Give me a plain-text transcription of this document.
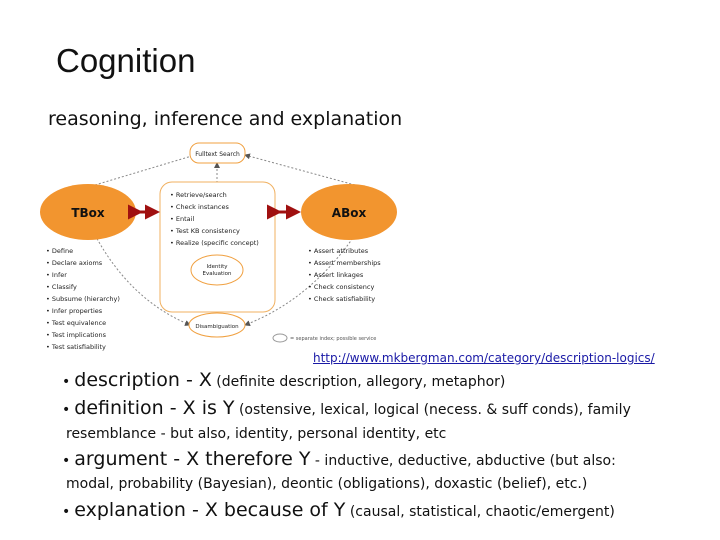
Cognition
reasoning, inference and explanation
Fulltext Search
TBox	ABox
• Retrieve/search
• Check instances
• Entail
• Test KB consistency
• Realize (specific concept)
Identity
Evaluation
Disambiguation
• Define
• Declare axioms
• Infer
• Classify
• Subsume (hierarchy)
• Infer properties
• Test equivalence
• Test implications
• Test satisfiability
• Assert attributes
• Assert memberships
• Assert linkages
• Check consistency
• Check satisfiability
= separate index; possible service
http://www.mkbergman.com/category/description-logics/
• description - X (definite description, allegory, metaphor)
• definition - X is Y (ostensive, lexical, logical (necess. & suff conds), family
resemblance - but also, identity, personal identity, etc
• argument - X therefore Y - inductive, deductive, abductive (but also:
modal, probability (Bayesian), deontic (obligations), doxastic (belief), etc.)
• explanation - X because of Y (causal, statistical, chaotic/emergent)
